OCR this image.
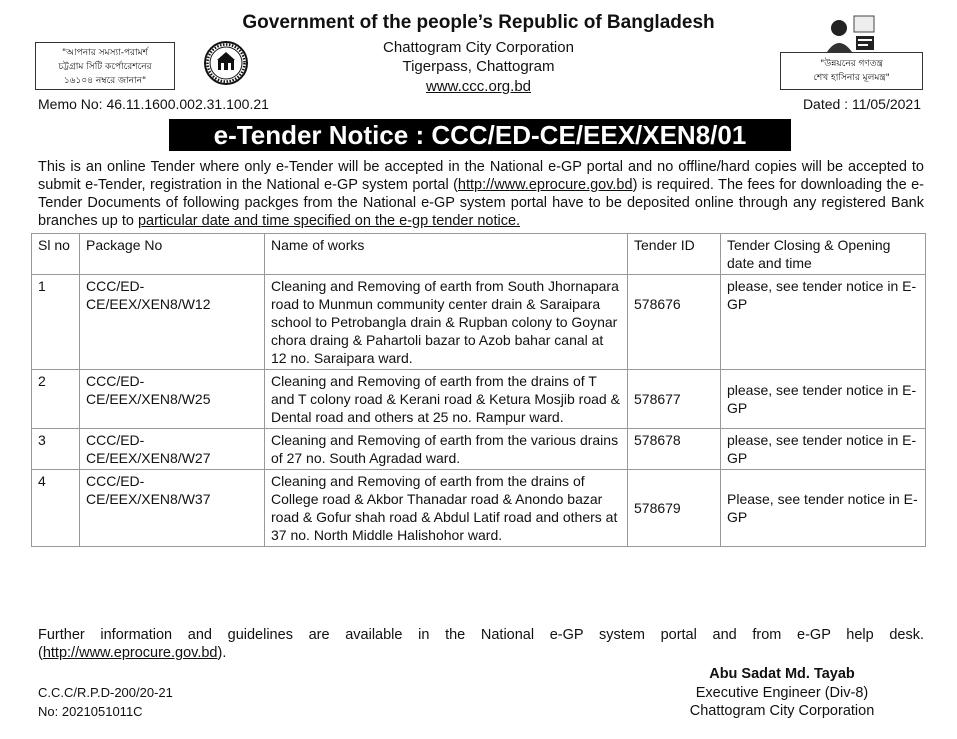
Government of the people’s Republic of Bangladesh
Chattogram City Corporation
Tigerpass, Chattogram
www.ccc.org.bd
"আপনার সমস্যা-পরামর্শ
চট্টগ্রাম সিটি কর্পোরেশনের
১৬১০৪ নম্বরে জানান"
"উন্নয়নের গণতন্ত্র
শেখ হাসিনার মূলমন্ত্র"
Memo No: 46.11.1600.002.31.100.21	Dated : 11/05/2021
e-Tender Notice : CCC/ED-CE/EEX/XEN8/01
This is an online Tender where only e-Tender will be accepted in the National e-GP portal and no offline/hard copies will be accepted to submit e-Tender, registration in the National e-GP system portal (http://www.eprocure.gov.bd) is required. The fees for downloading the e-Tender Documents of following packges from the National e-GP system portal have to be deposited online through any registered Bank branches up to particular date and time specified on the e-gp tender notice.
Sl no	Package No	Name of works	Tender ID	Tender Closing & Opening date and time
1	CCC/ED-CE/EEX/XEN8/W12	Cleaning and Removing of earth from South Jhornapara road to Munmun community center drain & Saraipara school to Petrobangla drain & Rupban colony to Goynar chora draing & Pahartoli bazar to Azob bahar canal at 12 no. Saraipara ward.	578676	please, see tender notice in E-GP
2	CCC/ED-CE/EEX/XEN8/W25	Cleaning and Removing of earth from the drains of T and T colony road & Kerani road & Ketura Mosjib road & Dental road and others at 25 no. Rampur ward.	578677	please, see tender notice in E-GP
3	CCC/ED-CE/EEX/XEN8/W27	Cleaning and Removing of earth from the various drains of 27 no. South Agradad ward.	578678	please, see tender notice in E-GP
4	CCC/ED-CE/EEX/XEN8/W37	Cleaning and Removing of earth from the drains of College road & Akbor Thanadar road & Anondo bazar road & Gofur shah road & Abdul Latif road and others at 37 no. North Middle Halishohor ward.	578679	Please, see tender notice in E-GP
Further information and guidelines are available in the National e-GP system portal and from e-GP help desk. (http://www.eprocure.gov.bd).
Abu Sadat Md. Tayab
Executive Engineer (Div-8)
Chattogram City Corporation
C.C.C/R.P.D-200/20-21
No: 2021051011C
